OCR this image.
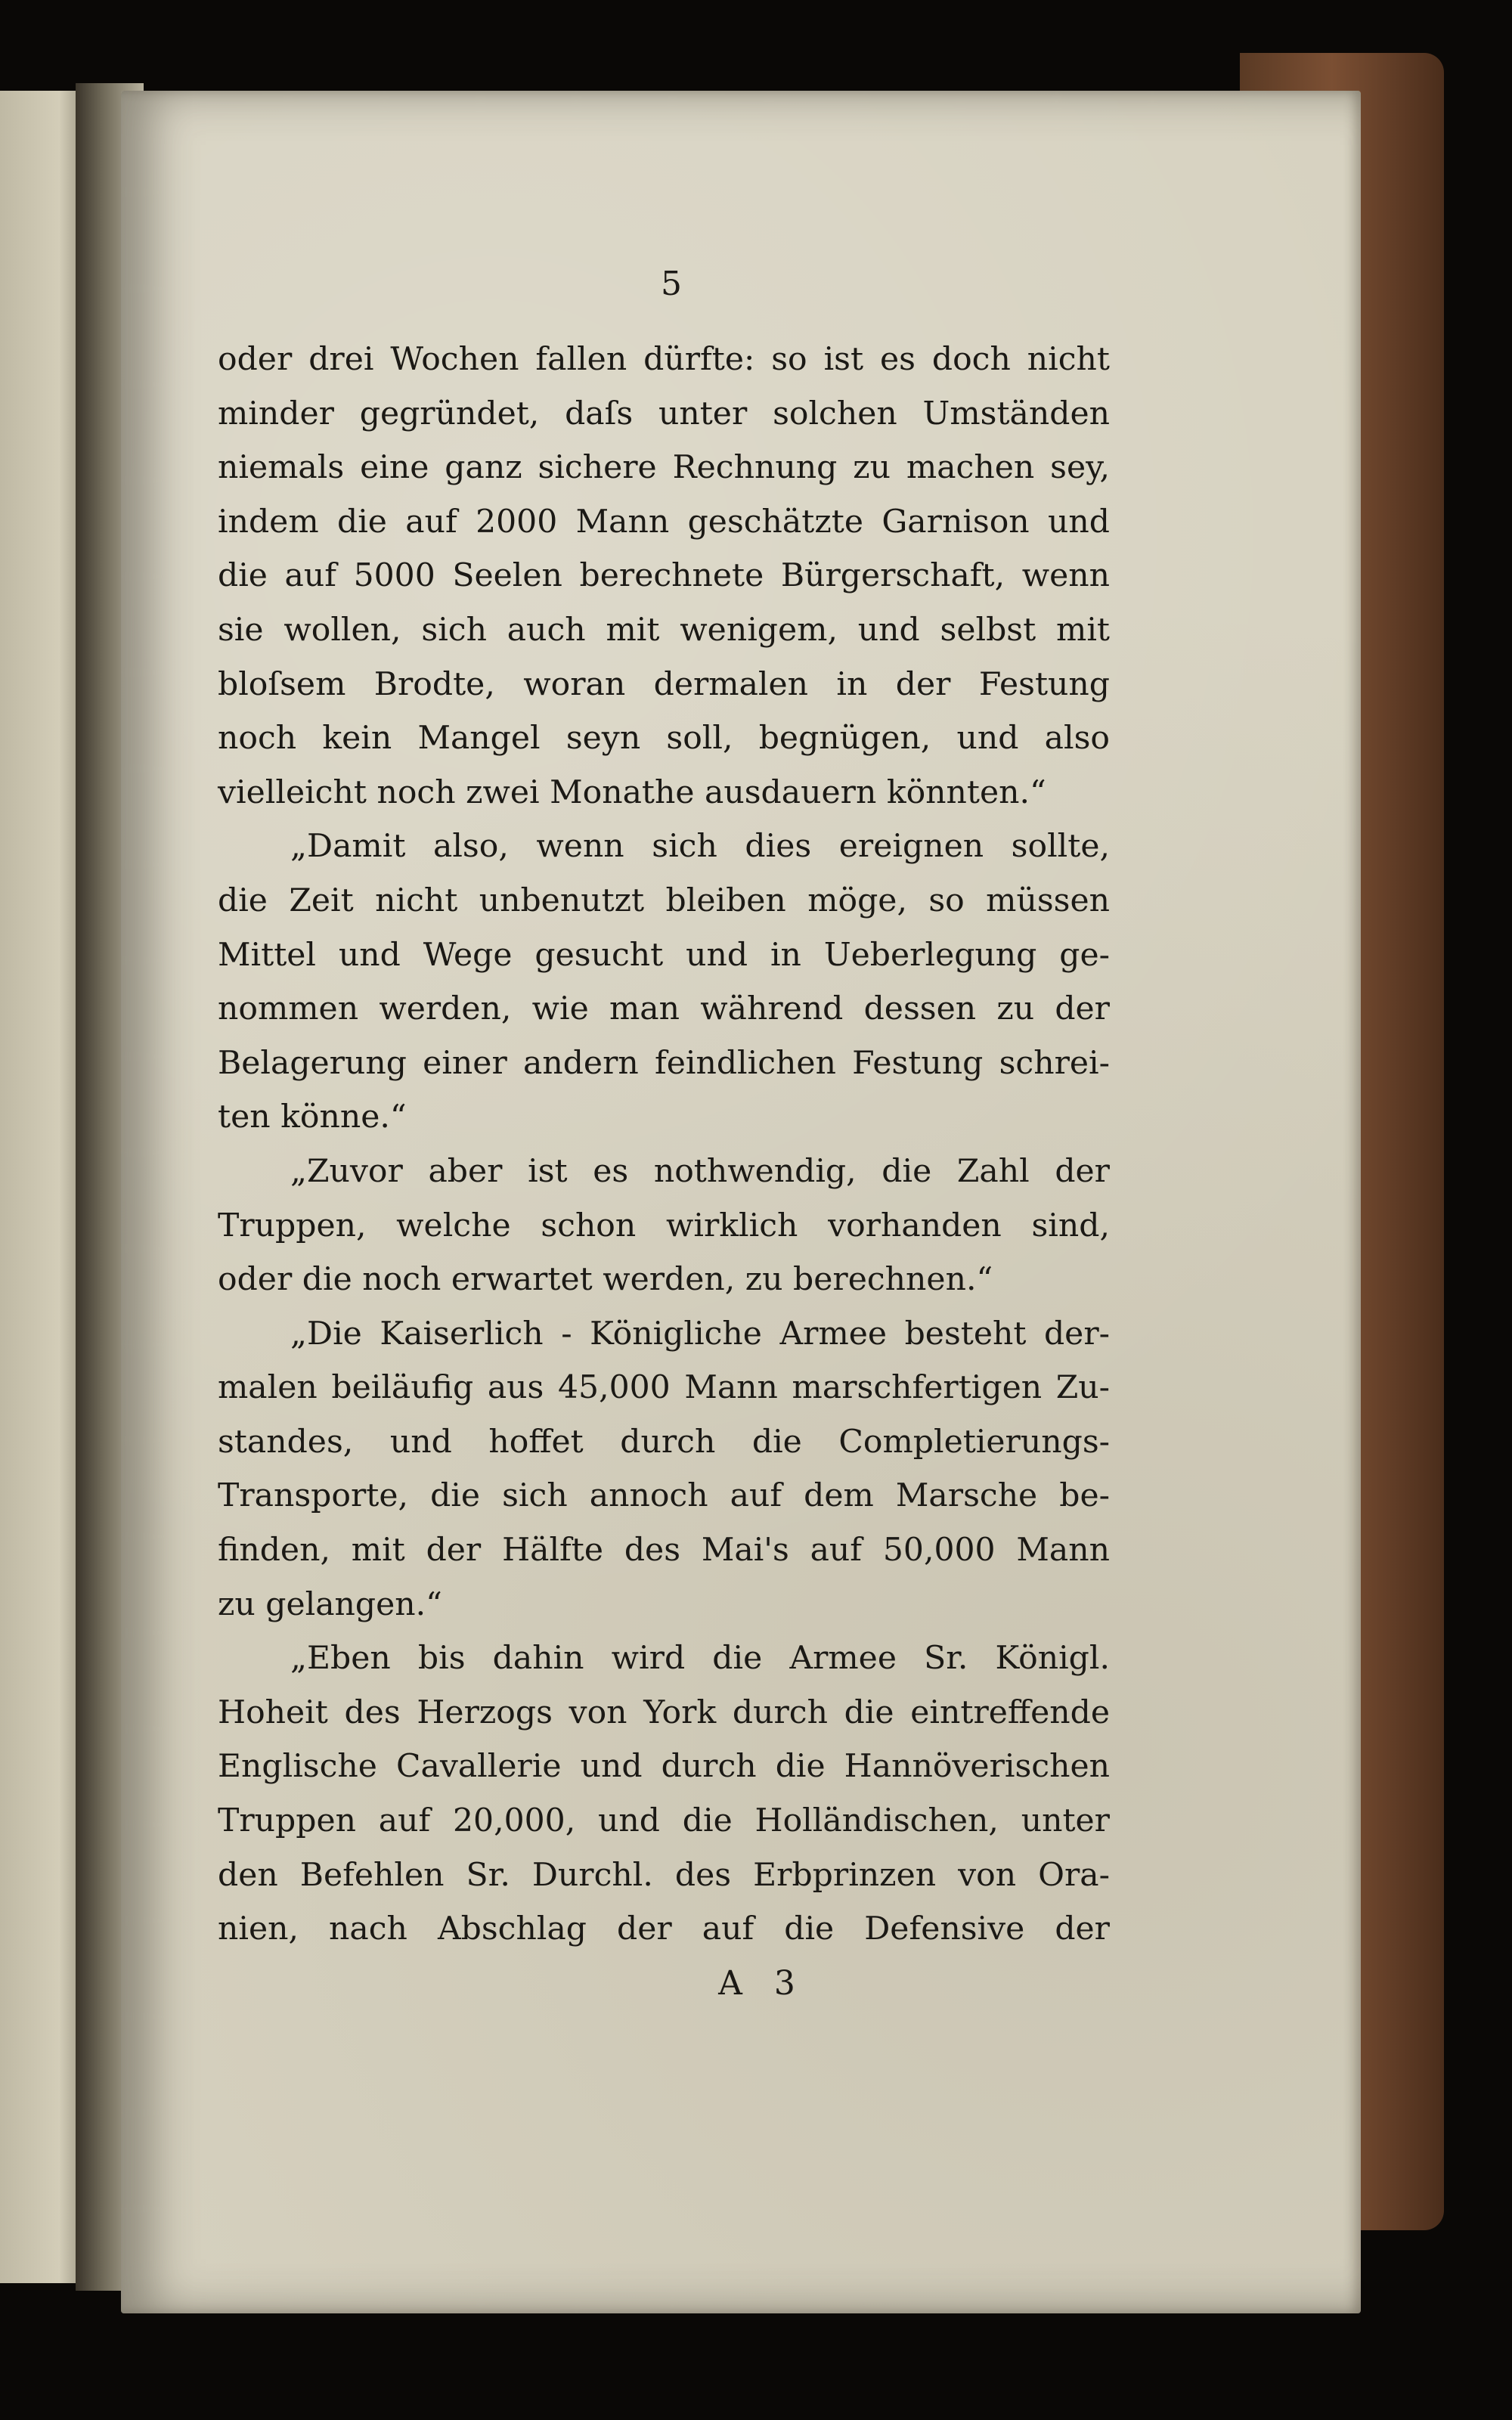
5
oder drei Wochen fallen dürfte: so ist es doch nicht
minder gegründet, daſs unter solchen Umständen
niemals eine ganz sichere Rechnung zu machen sey,
indem die auf 2000 Mann geschätzte Garnison und
die auf 5000 Seelen berechnete Bürgerschaft, wenn
sie wollen, sich auch mit wenigem, und selbst mit
bloſsem Brodte, woran dermalen in der Festung
noch kein Mangel seyn soll, begnügen, und also
vielleicht noch zwei Monathe ausdauern könnten.“
„Damit also, wenn sich dies ereignen sollte,
die Zeit nicht unbenutzt bleiben möge, so müssen
Mittel und Wege gesucht und in Ueberlegung ge-
nommen werden, wie man während dessen zu der
Belagerung einer andern feindlichen Festung schrei-
ten könne.“
„Zuvor aber ist es nothwendig, die Zahl der
Truppen, welche schon wirklich vorhanden sind,
oder die noch erwartet werden, zu berechnen.“
„Die Kaiserlich - Königliche Armee besteht der-
malen beiläufig aus 45,000 Mann marschfertigen Zu-
standes, und hoffet durch die Completierungs-
Transporte, die sich annoch auf dem Marsche be-
finden, mit der Hälfte des Mai's auf 50,000 Mann
zu gelangen.“
„Eben bis dahin wird die Armee Sr. Königl.
Hoheit des Herzogs von York durch die eintreffende
Englische Cavallerie und durch die Hannöverischen
Truppen auf 20,000, und die Holländischen, unter
den Befehlen Sr. Durchl. des Erbprinzen von Ora-
nien, nach Abschlag der auf die Defensive der
A 3
